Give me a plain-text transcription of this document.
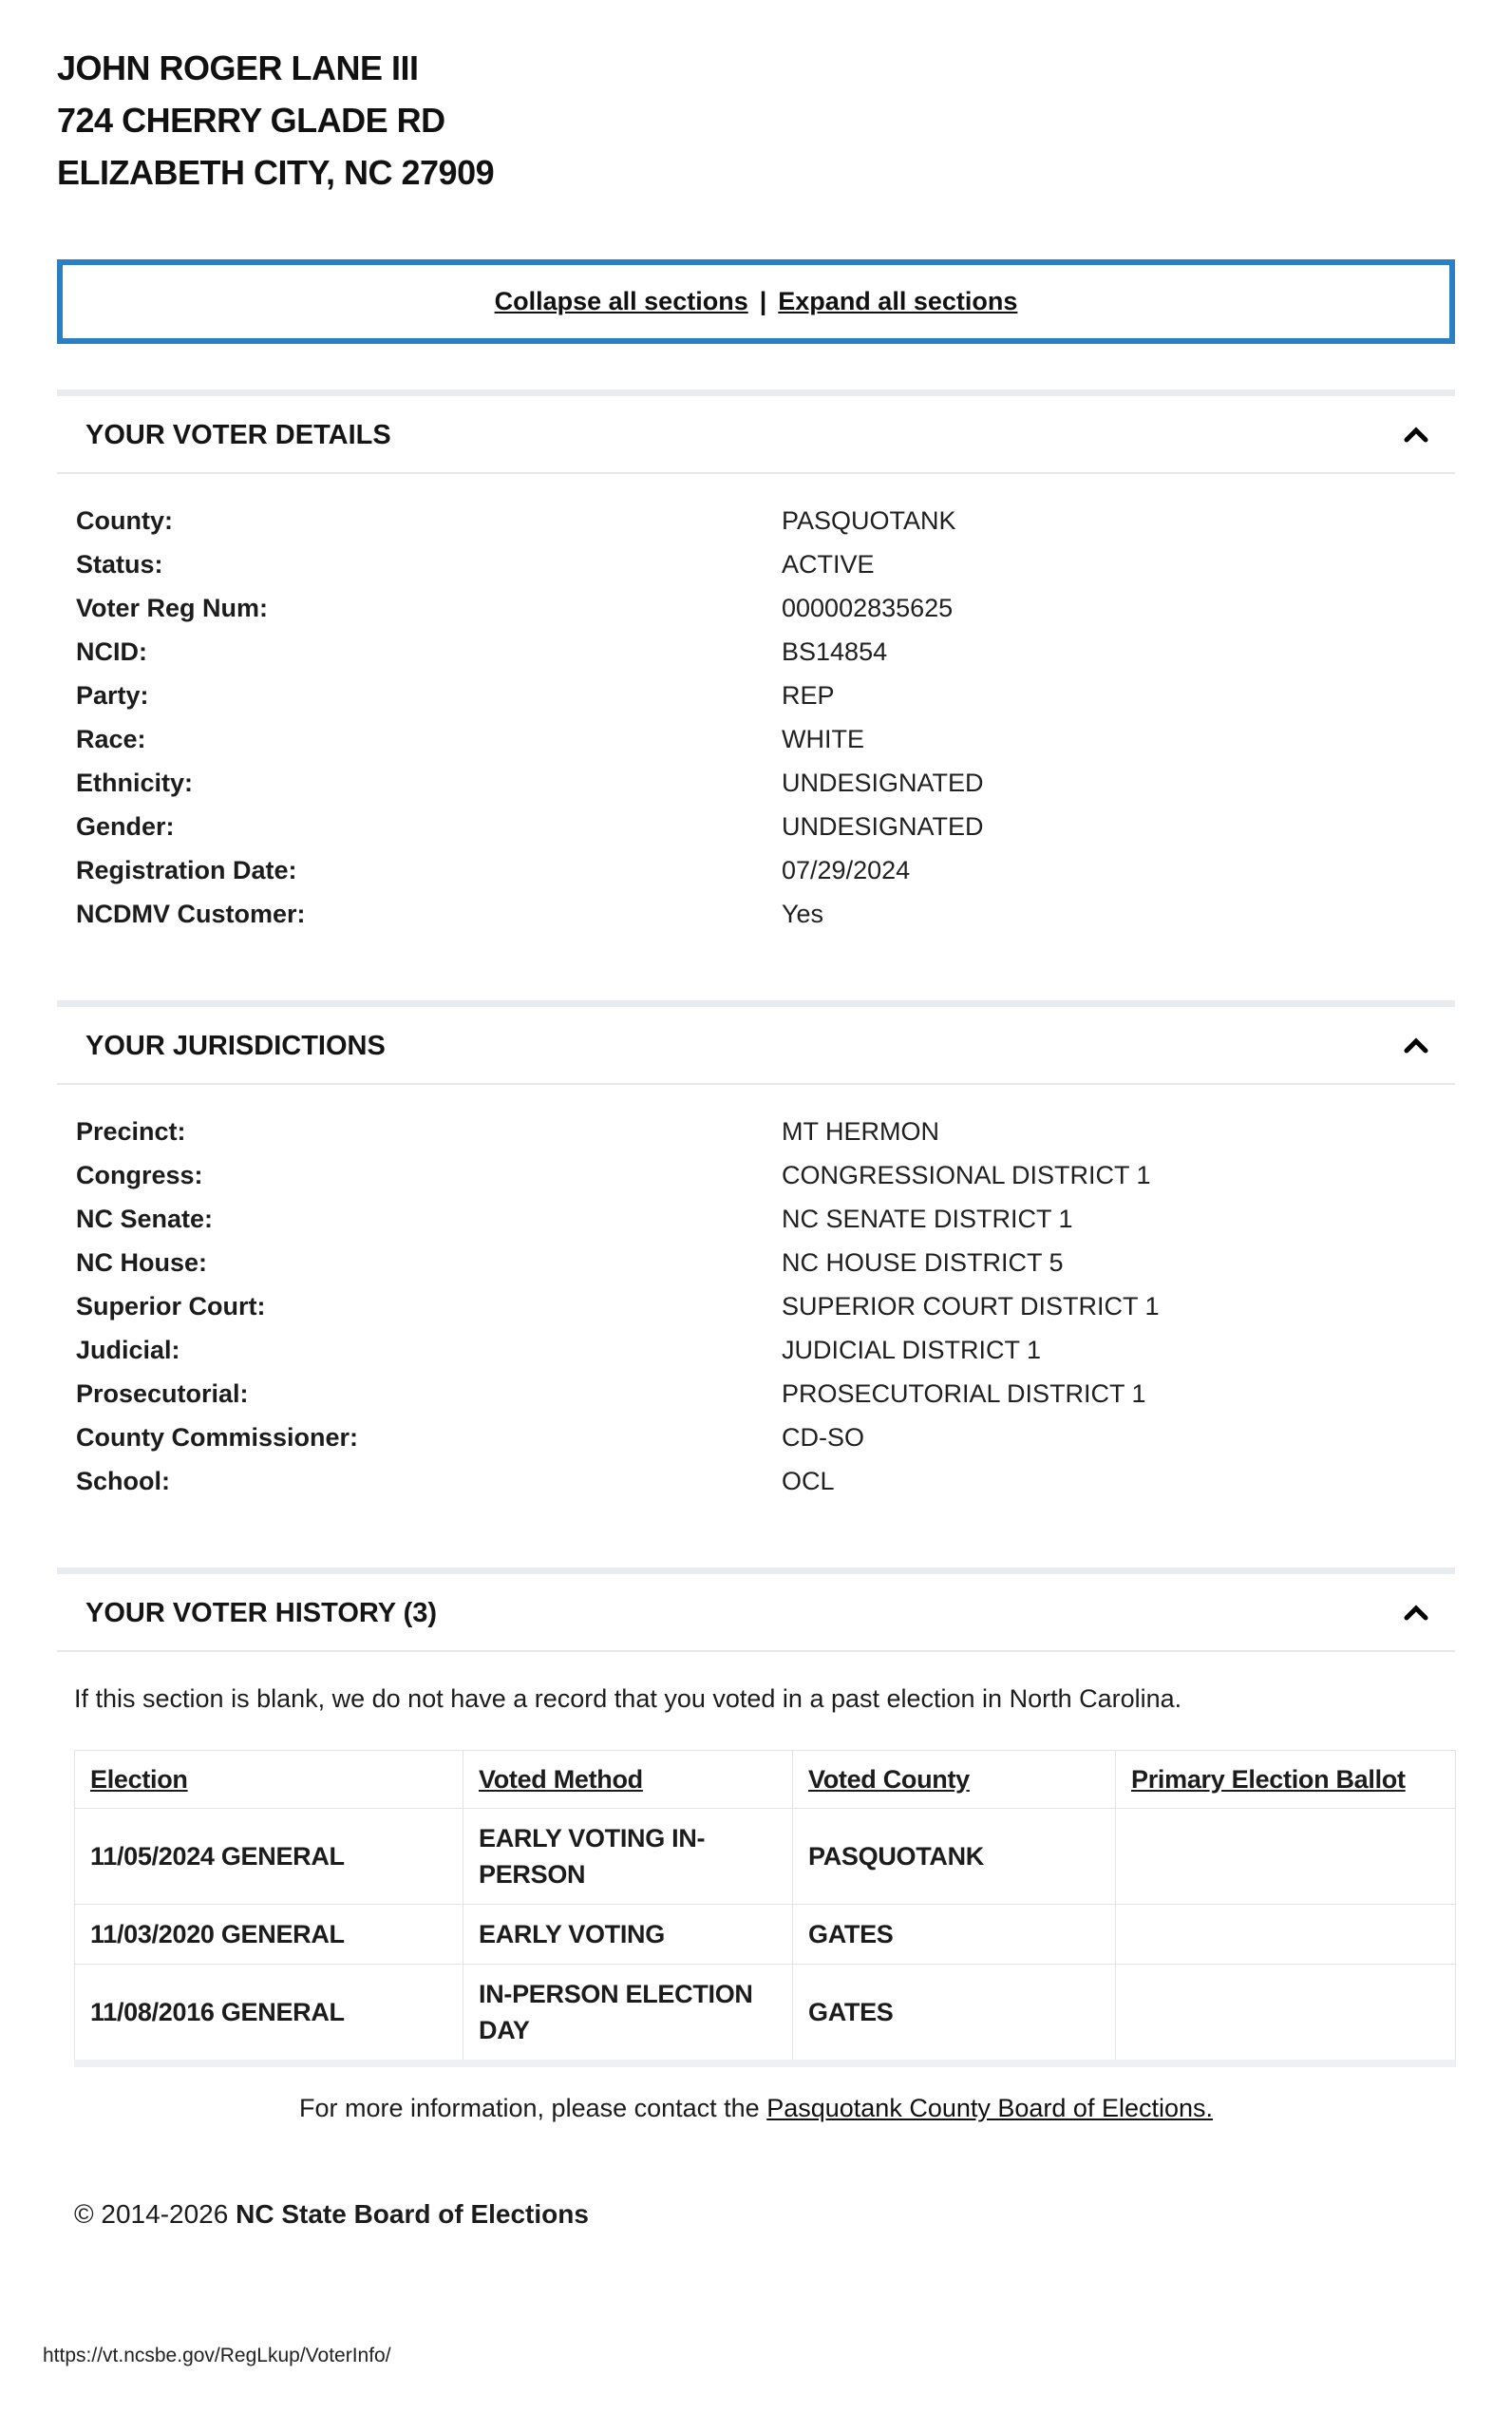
JOHN ROGER LANE III
724 CHERRY GLADE RD
ELIZABETH CITY, NC 27909
Collapse all sections | Expand all sections
YOUR VOTER DETAILS
County:	PASQUOTANK
Status:	ACTIVE
Voter Reg Num:	000002835625
NCID:	BS14854
Party:	REP
Race:	WHITE
Ethnicity:	UNDESIGNATED
Gender:	UNDESIGNATED
Registration Date:	07/29/2024
NCDMV Customer:	Yes
YOUR JURISDICTIONS
Precinct:	MT HERMON
Congress:	CONGRESSIONAL DISTRICT 1
NC Senate:	NC SENATE DISTRICT 1
NC House:	NC HOUSE DISTRICT 5
Superior Court:	SUPERIOR COURT DISTRICT 1
Judicial:	JUDICIAL DISTRICT 1
Prosecutorial:	PROSECUTORIAL DISTRICT 1
County Commissioner:	CD-SO
School:	OCL
YOUR VOTER HISTORY (3)
If this section is blank, we do not have a record that you voted in a past election in North Carolina.
Election	Voted Method	Voted County	Primary Election Ballot
11/05/2024 GENERAL	EARLY VOTING IN-PERSON	PASQUOTANK	
11/03/2020 GENERAL	EARLY VOTING	GATES	
11/08/2016 GENERAL	IN-PERSON ELECTION DAY	GATES	
For more information, please contact the Pasquotank County Board of Elections.
© 2014-2026 NC State Board of Elections
https://vt.ncsbe.gov/RegLkup/VoterInfo/
